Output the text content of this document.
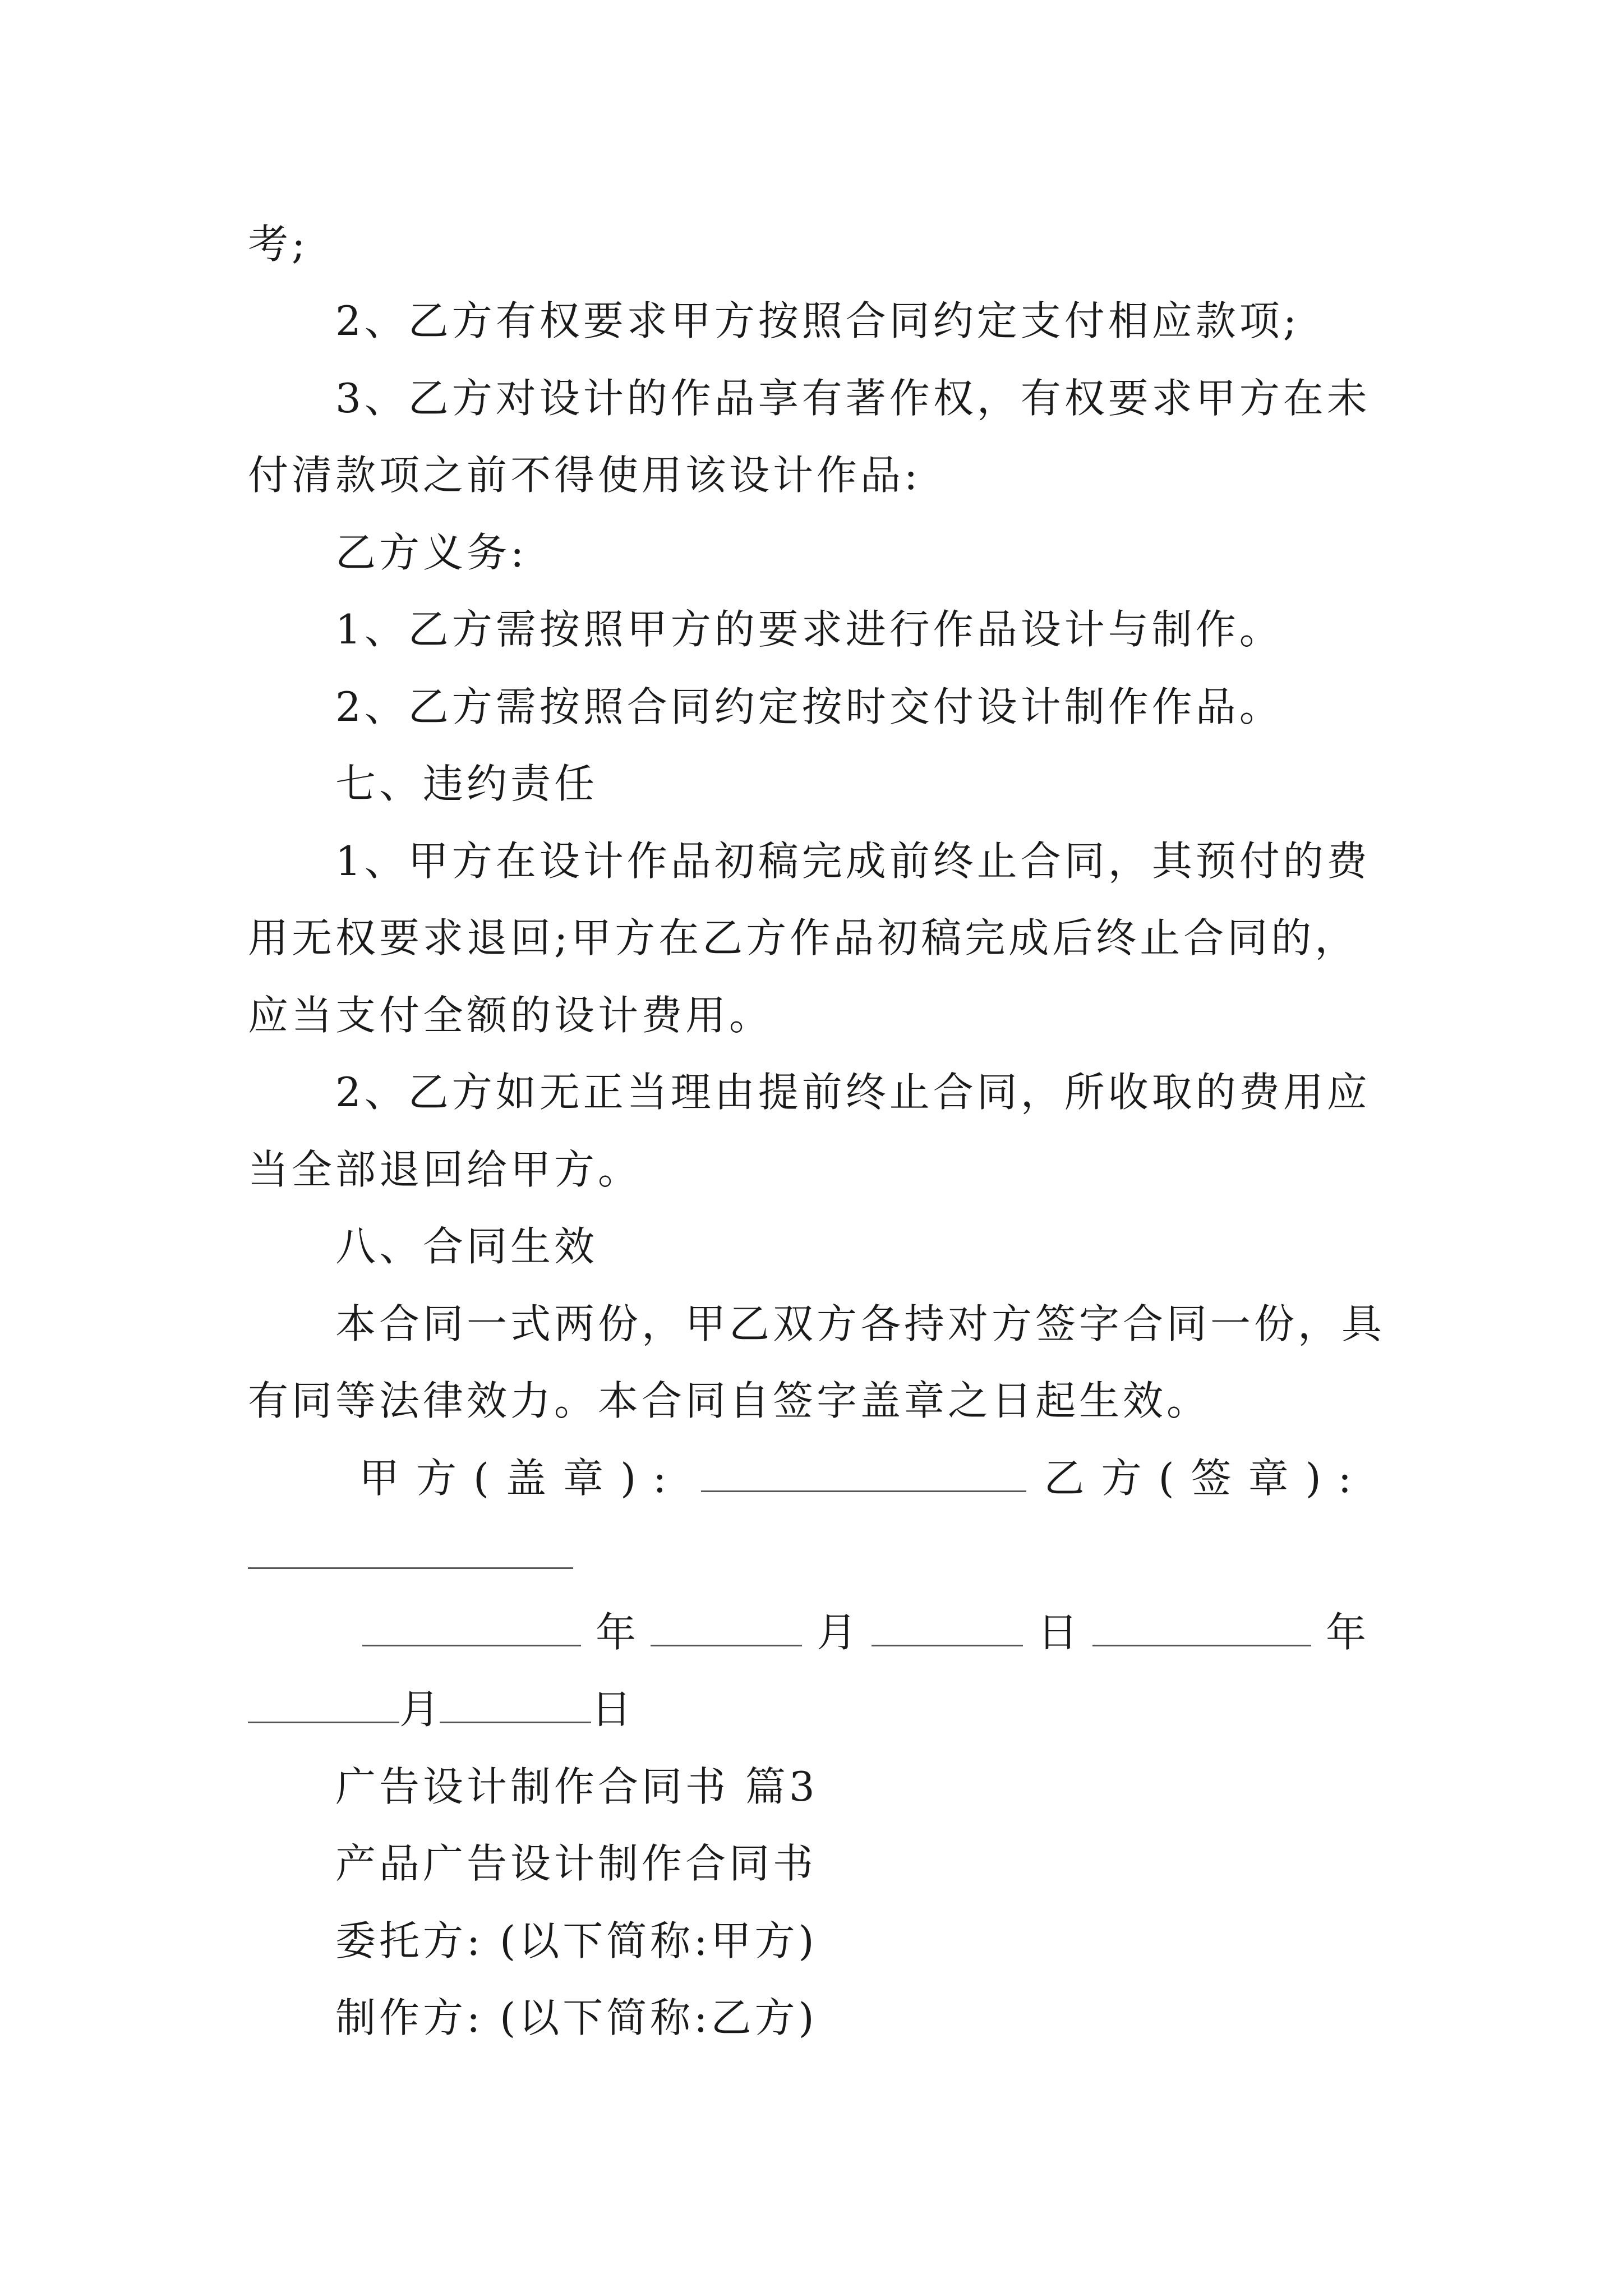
考;
2、乙方有权要求甲方按照合同约定支付相应款项;
3、乙方对设计的作品享有著作权，有权要求甲方在未
付清款项之前不得使用该设计作品:
乙方义务:
1、乙方需按照甲方的要求进行作品设计与制作。
2、乙方需按照合同约定按时交付设计制作作品。
七、违约责任
1、甲方在设计作品初稿完成前终止合同，其预付的费
用无权要求退回;甲方在乙方作品初稿完成后终止合同的，
应当支付全额的设计费用。
2、乙方如无正当理由提前终止合同，所收取的费用应
当全部退回给甲方。
八、合同生效
本合同一式两份，甲乙双方各持对方签字合同一份，具
有同等法律效力。本合同自签字盖章之日起生效。
甲方(盖章):	乙方(签章):
年	月	日	年
月	日
广告设计制作合同书 篇3
产品广告设计制作合同书
委托方: (以下简称:甲方)
制作方: (以下简称:乙方)
